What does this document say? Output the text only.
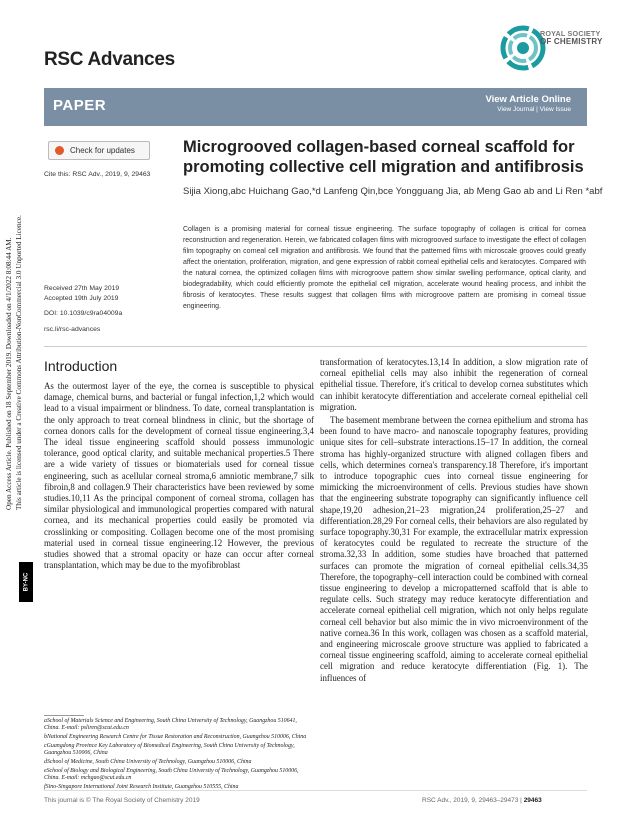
Open Access Article. Published on 18 September 2019. Downloaded on 4/1/2022 8:08:44 AM. This article is licensed under a Creative Commons Attribution-NonCommercial 3.0 Unported Licence.
BY-NC
RSC Advances
ROYAL SOCIETY
OF CHEMISTRY
PAPER	View Article Online
View Journal | View Issue
Check for updates
Cite this: RSC Adv., 2019, 9, 29463
Microgrooved collagen-based corneal scaffold for promoting collective cell migration and antifibrosis
Sijia Xiong,abc Huichang Gao,*d Lanfeng Qin,bce Yongguang Jia, ab Meng Gao ab and Li Ren *abf
Collagen is a promising material for corneal tissue engineering. The surface topography of collagen is critical for cornea reconstruction and regeneration. Herein, we fabricated collagen films with microgrooved surface to investigate the effect of collagen film topography on corneal cell migration and antifibrosis. We found that the patterned films with microscale grooves could greatly affect the orientation, proliferation, migration, and gene expression of rabbit corneal epithelial cells and keratocytes. Compared with the natural cornea, the optimized collagen films with microgroove pattern show similar swelling performance, optical clarity, and biodegradability, which could efficiently promote the epithelial cell migration, accelerate wound healing process, and inhibit the fibrosis of keratocytes. These results suggest that collagen films with microgroove pattern are promising in corneal tissue engineering.
Received 27th May 2019
Accepted 19th July 2019
DOI: 10.1039/c9ra04009a
rsc.li/rsc-advances
Introduction

As the outermost layer of the eye, the cornea is susceptible to physical damage, chemical burns, and bacterial or fungal infection,1,2 which would lead to a visual impairment or blindness. To date, corneal transplantation is the only approach to treat corneal blindness in clinic, but the shortage of cornea donors calls for the development of corneal tissue engineering.3,4 The ideal tissue engineering scaffold should possess immunologic tolerance, good optical clarity, and suitable mechanical properties.5 There are a wide variety of tissues or biomaterials used for corneal tissue engineering, such as acellular corneal stroma,6 amniotic membrane,7 silk fibroin,8 and collagen.9 Their characteristics have been reviewed by some studies.10,11 As the principal component of corneal stroma, collagen has similar physiological and immunological properties compared with natural cornea, and its mechanical properties could easily be promoted via crosslinking or compositing. Collagen become one of the most promising material used in corneal tissue engineering.12 However, the previous studies showed that a stromal opacity or haze can occur after corneal transplantation, which may be due to the myofibroblast

transformation of keratocytes.13,14 In addition, a slow migration rate of corneal epithelial cells may also inhibit the regeneration of corneal epithelial tissue. Therefore, it's critical to develop cornea substitutes which can inhibit keratocyte differentiation and accelerate corneal epithelial cell migration.

The basement membrane between the cornea epithelium and stroma has been found to have macro- and nanoscale topography features, providing unique sites for cell–substrate interactions.15–17 In addition, the corneal stroma has highly-organized structure with aligned collagen fibers and cells, which determines cornea's transparency.18 Therefore, it's important to introduce topographic cues into corneal tissue engineering for mimicking the microenvironment of cells. Previous studies have shown that the engineering substrate topography can significantly influence cell shape,19,20 adhesion,21–23 migration,24 proliferation,25–27 and differentiation.28,29 For corneal cells, their behaviors are also regulated by surface topography.30,31 For example, the extracellular matrix expression of keratocytes could be regulated to recreate the structure of the stroma.32,33 In addition, some studies have broached that patterned surfaces can promote the migration of corneal epithelial cells.34,35 Therefore, the topography–cell interaction could be combined with corneal tissue engineering to develop a micropatterned scaffold that is able to regulate cells. Such strategy may reduce keratocyte differentiation and accelerate corneal epithelial cell migration, which not only helps regulate corneal cell behavior but also mimic the in vivo microenvironment of the native cornea.36 In this work, collagen was chosen as a scaffold material, and engineering microscale groove structure was applied to fabricated a corneal tissue engineering scaffold, aiming to accelerate corneal epithelial cell migration and reduce keratocyte differentiation (Fig. 1). The influences of

aSchool of Materials Science and Engineering, South China University of Technology, Guangzhou 510641, China. E-mail: psliren@scut.edu.cn
bNational Engineering Research Centre for Tissue Restoration and Reconstruction, Guangzhou 510006, China
cGuangdong Province Key Laboratory of Biomedical Engineering, South China University of Technology, Guangzhou 510006, China
dSchool of Medicine, South China University of Technology, Guangzhou 510006, China
eSchool of Biology and Biological Engineering, South China University of Technology, Guangzhou 510006, China. E-mail: mchgao@scut.edu.cn
fSino-Singapore International Joint Research Institute, Guangzhou 510555, China
This journal is © The Royal Society of Chemistry 2019	RSC Adv., 2019, 9, 29463–29473 | 29463
